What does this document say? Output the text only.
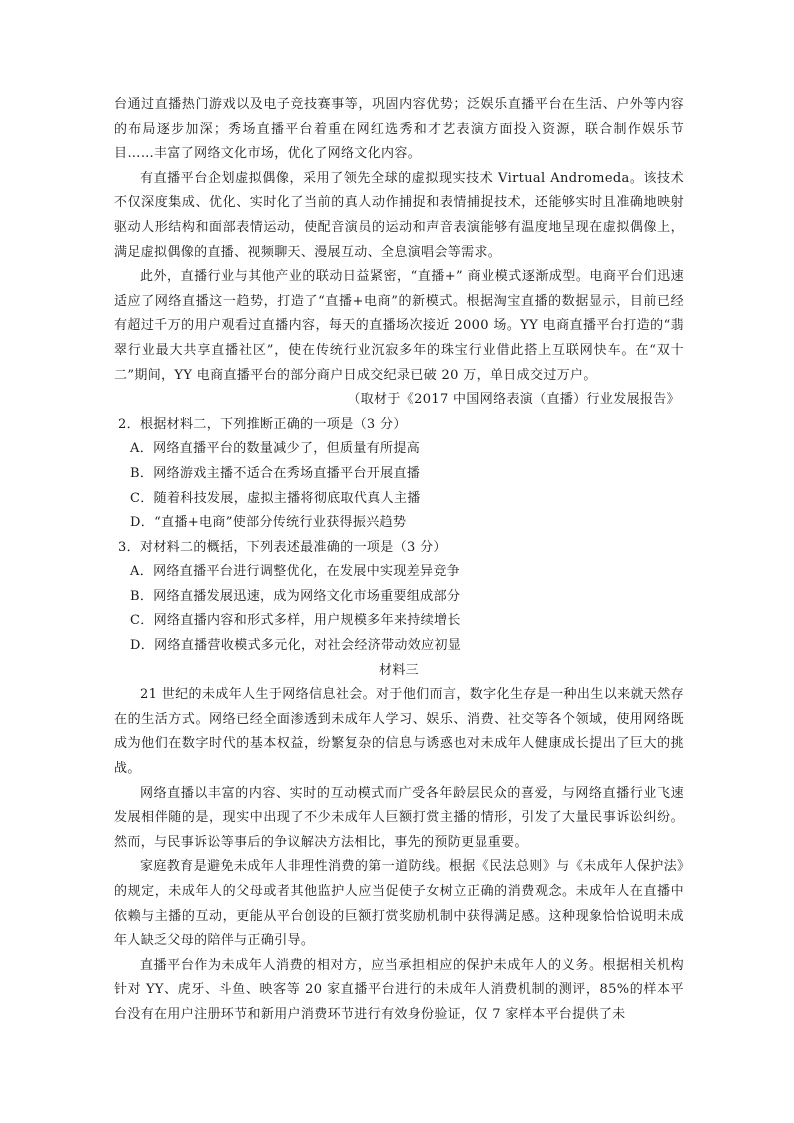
台通过直播热门游戏以及电子竞技赛事等，巩固内容优势；泛娱乐直播平台在生活、户外等内容的布局逐步加深；秀场直播平台着重在网红选秀和才艺表演方面投入资源，联合制作娱乐节目……丰富了网络文化市场，优化了网络文化内容。

有直播平台企划虚拟偶像，采用了领先全球的虚拟现实技术 Virtual Andromeda。该技术不仅深度集成、优化、实时化了当前的真人动作捕捉和表情捕捉技术，还能够实时且准确地映射驱动人形结构和面部表情运动，使配音演员的运动和声音表演能够有温度地呈现在虚拟偶像上，满足虚拟偶像的直播、视频聊天、漫展互动、全息演唱会等需求。

此外，直播行业与其他产业的联动日益紧密，“直播+” 商业模式逐渐成型。电商平台们迅速适应了网络直播这一趋势，打造了“直播+电商”的新模式。根据淘宝直播的数据显示，目前已经有超过千万的用户观看过直播内容，每天的直播场次接近 2000 场。YY 电商直播平台打造的“翡翠行业最大共享直播社区”，使在传统行业沉寂多年的珠宝行业借此搭上互联网快车。在“双十二”期间，YY 电商直播平台的部分商户日成交纪录已破 20 万，单日成交过万户。

（取材于《2017 中国网络表演（直播）行业发展报告》

2．根据材料二，下列推断正确的一项是（3 分）

A．网络直播平台的数量减少了，但质量有所提高

B．网络游戏主播不适合在秀场直播平台开展直播

C．随着科技发展，虚拟主播将彻底取代真人主播

D．“直播+电商”使部分传统行业获得振兴趋势

3．对材料二的概括，下列表述最准确的一项是（3 分）

A．网络直播平台进行调整优化，在发展中实现差异竞争

B．网络直播发展迅速，成为网络文化市场重要组成部分

C．网络直播内容和形式多样，用户规模多年来持续增长

D．网络直播营收模式多元化，对社会经济带动效应初显

材料三

21 世纪的未成年人生于网络信息社会。对于他们而言，数字化生存是一种出生以来就天然存在的生活方式。网络已经全面渗透到未成年人学习、娱乐、消费、社交等各个领域，使用网络既成为他们在数字时代的基本权益，纷繁复杂的信息与诱惑也对未成年人健康成长提出了巨大的挑战。

网络直播以丰富的内容、实时的互动模式而广受各年龄层民众的喜爱，与网络直播行业飞速发展相伴随的是，现实中出现了不少未成年人巨额打赏主播的情形，引发了大量民事诉讼纠纷。然而，与民事诉讼等事后的争议解决方法相比，事先的预防更显重要。

家庭教育是避免未成年人非理性消费的第一道防线。根据《民法总则》与《未成年人保护法》的规定，未成年人的父母或者其他监护人应当促使子女树立正确的消费观念。未成年人在直播中依赖与主播的互动，更能从平台创设的巨额打赏奖励机制中获得满足感。这种现象恰恰说明未成年人缺乏父母的陪伴与正确引导。

直播平台作为未成年人消费的相对方，应当承担相应的保护未成年人的义务。根据相关机构针对 YY、虎牙、斗鱼、映客等 20 家直播平台进行的未成年人消费机制的测评，85%的样本平台没有在用户注册环节和新用户消费环节进行有效身份验证，仅 7 家样本平台提供了未
